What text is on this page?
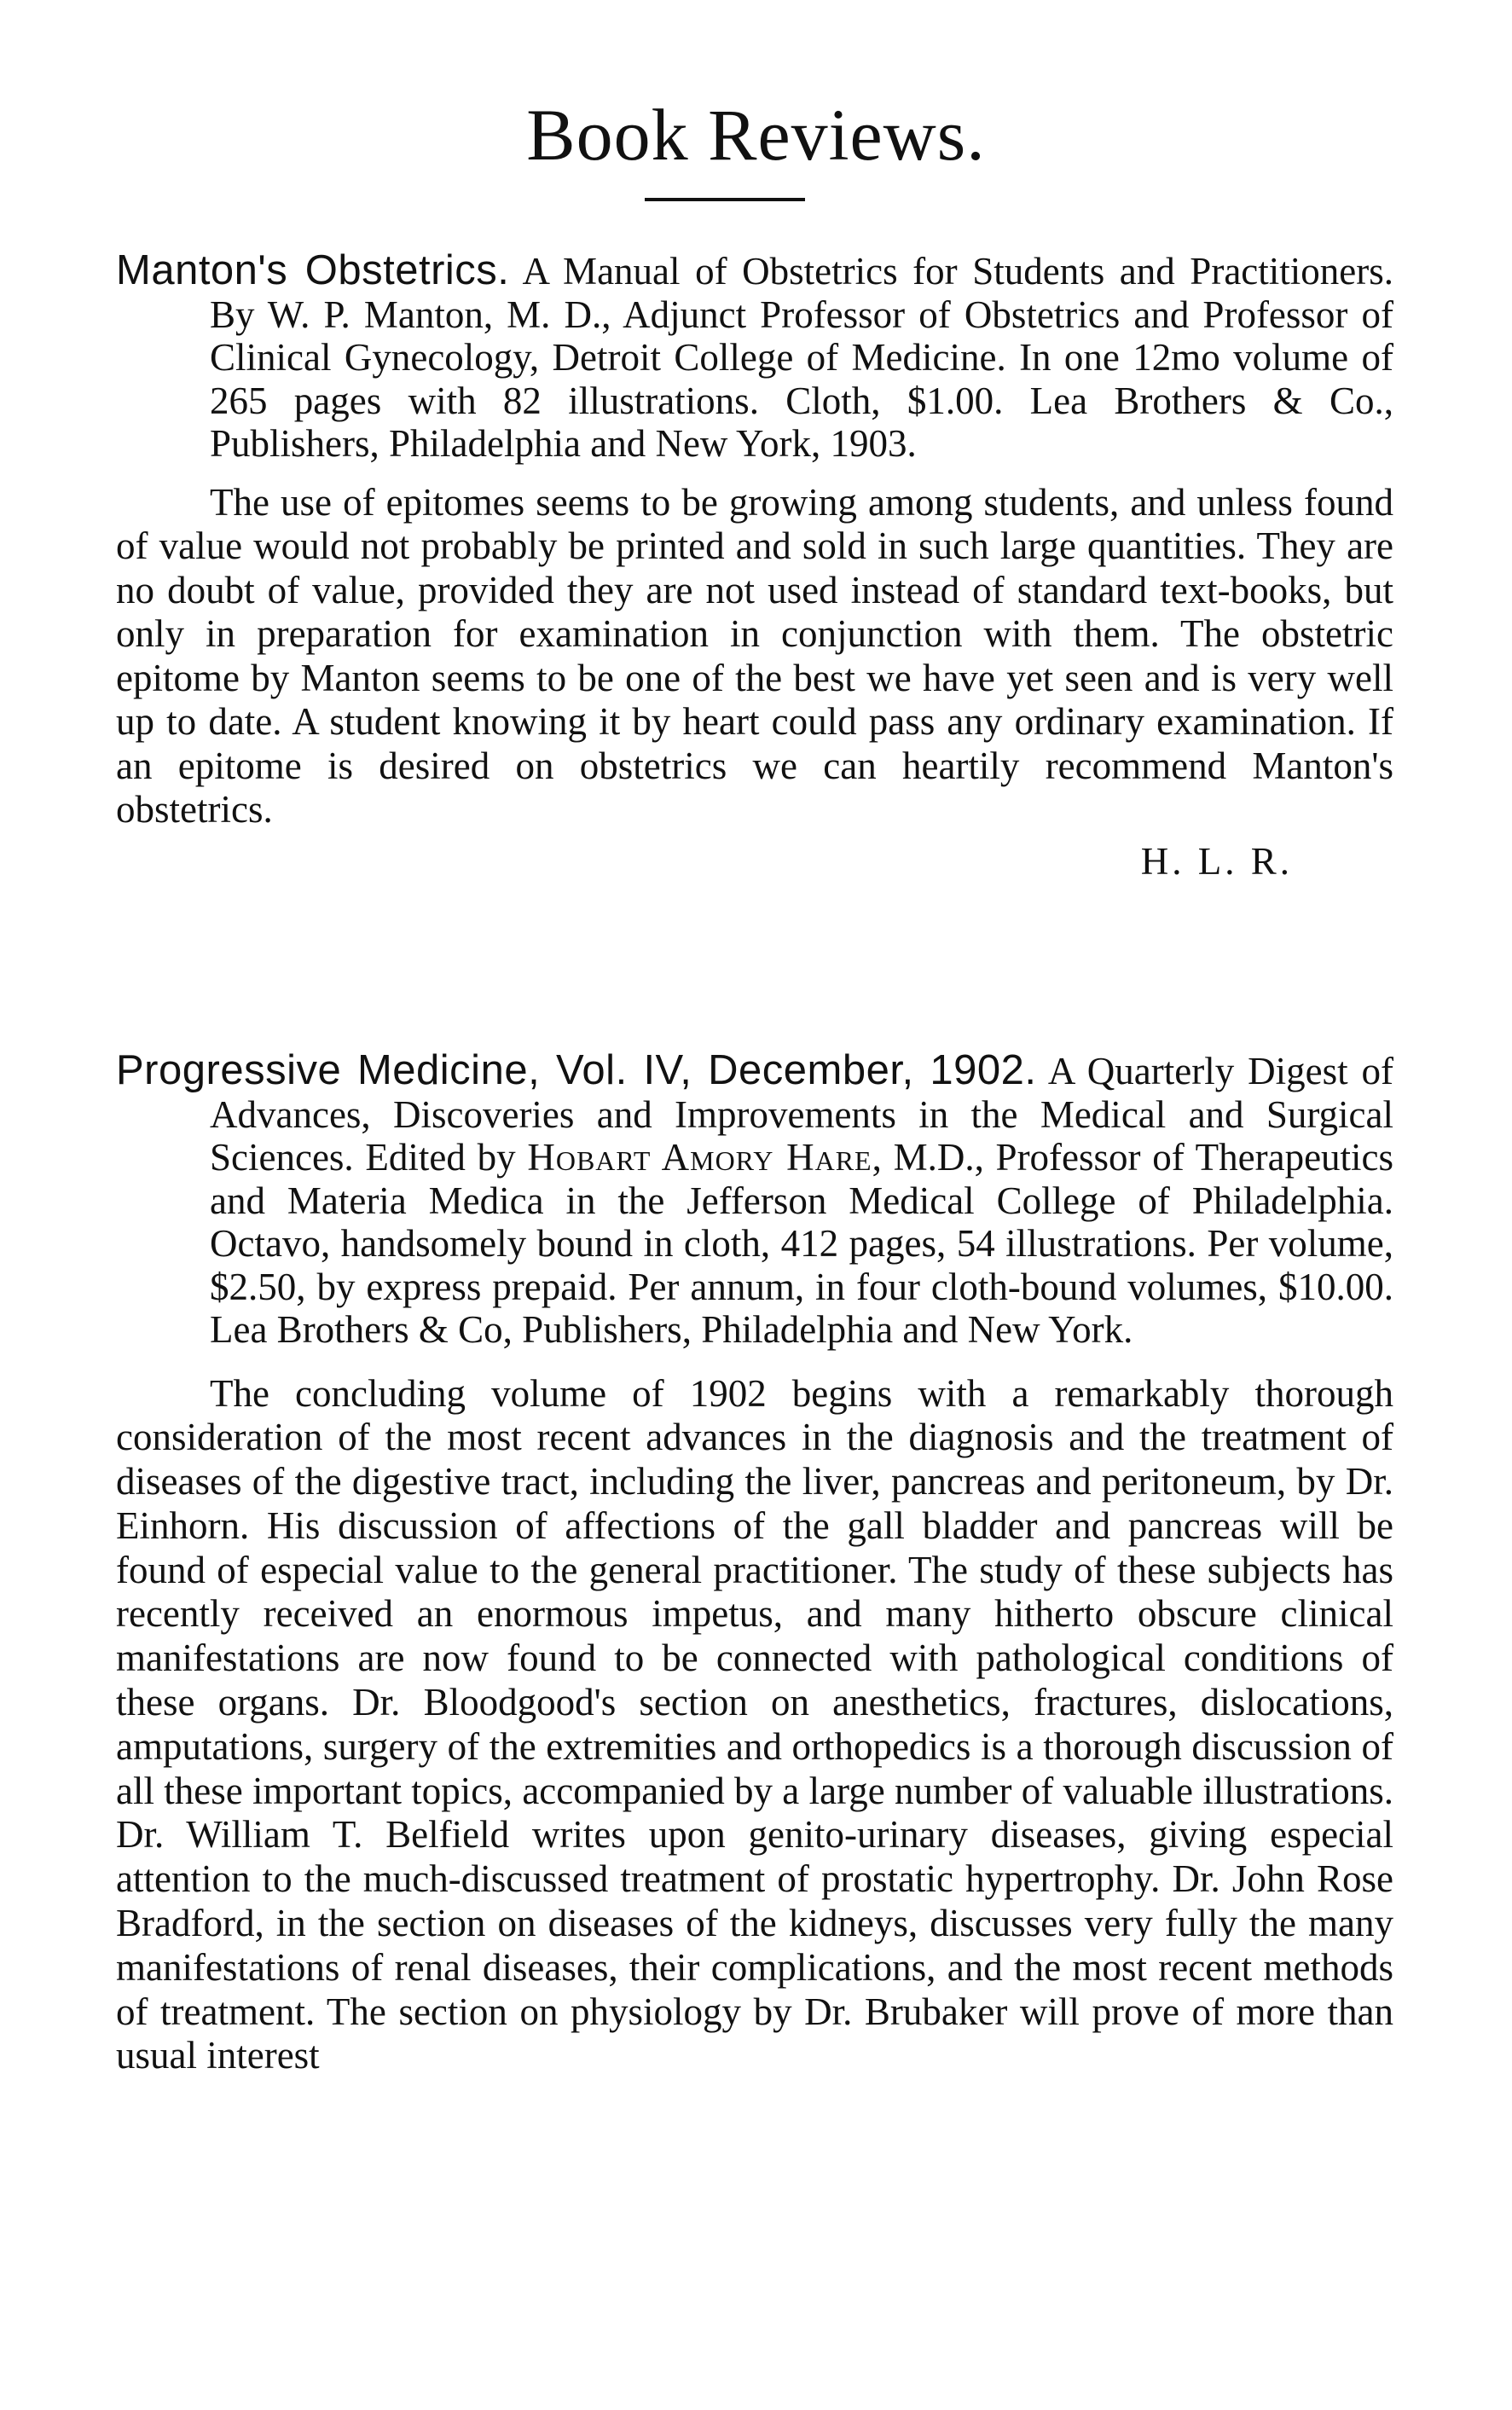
Book Reviews.

Manton's Obstetrics. A Manual of Obstetrics for Students and Practitioners. By W. P. Manton, M. D., Adjunct Professor of Obstetrics and Professor of Clinical Gynecology, Detroit College of Medicine. In one 12mo volume of 265 pages with 82 illustrations. Cloth, $1.00. Lea Brothers & Co., Publishers, Philadelphia and New York, 1903.

The use of epitomes seems to be growing among students, and unless found of value would not probably be printed and sold in such large quantities. They are no doubt of value, provided they are not used instead of standard text-books, but only in preparation for examination in conjunction with them. The obstetric epitome by Manton seems to be one of the best we have yet seen and is very well up to date. A student knowing it by heart could pass any ordinary examination. If an epitome is desired on obstetrics we can heartily recommend Manton's obstetrics.

H. L. R.

Progressive Medicine, Vol. IV, December, 1902. A Quarterly Digest of Advances, Discoveries and Improvements in the Medical and Surgical Sciences. Edited by Hobart Amory Hare, M.D., Professor of Therapeutics and Materia Medica in the Jefferson Medical College of Philadelphia. Octavo, handsomely bound in cloth, 412 pages, 54 illustrations. Per volume, $2.50, by express prepaid. Per annum, in four cloth-bound volumes, $10.00. Lea Brothers & Co, Publishers, Philadelphia and New York.

The concluding volume of 1902 begins with a remarkably thorough consideration of the most recent advances in the diagnosis and the treatment of diseases of the digestive tract, including the liver, pancreas and peritoneum, by Dr. Einhorn. His discussion of affections of the gall bladder and pancreas will be found of especial value to the general practitioner. The study of these subjects has recently received an enormous impetus, and many hitherto obscure clinical manifestations are now found to be connected with pathological conditions of these organs. Dr. Bloodgood's section on anesthetics, fractures, dislocations, amputations, surgery of the extremities and orthopedics is a thorough discussion of all these important topics, accompanied by a large number of valuable illustrations. Dr. William T. Belfield writes upon genito-urinary diseases, giving especial attention to the much-discussed treatment of prostatic hypertrophy. Dr. John Rose Bradford, in the section on diseases of the kidneys, discusses very fully the many manifestations of renal diseases, their complications, and the most recent methods of treatment. The section on physiology by Dr. Brubaker will prove of more than usual interest
